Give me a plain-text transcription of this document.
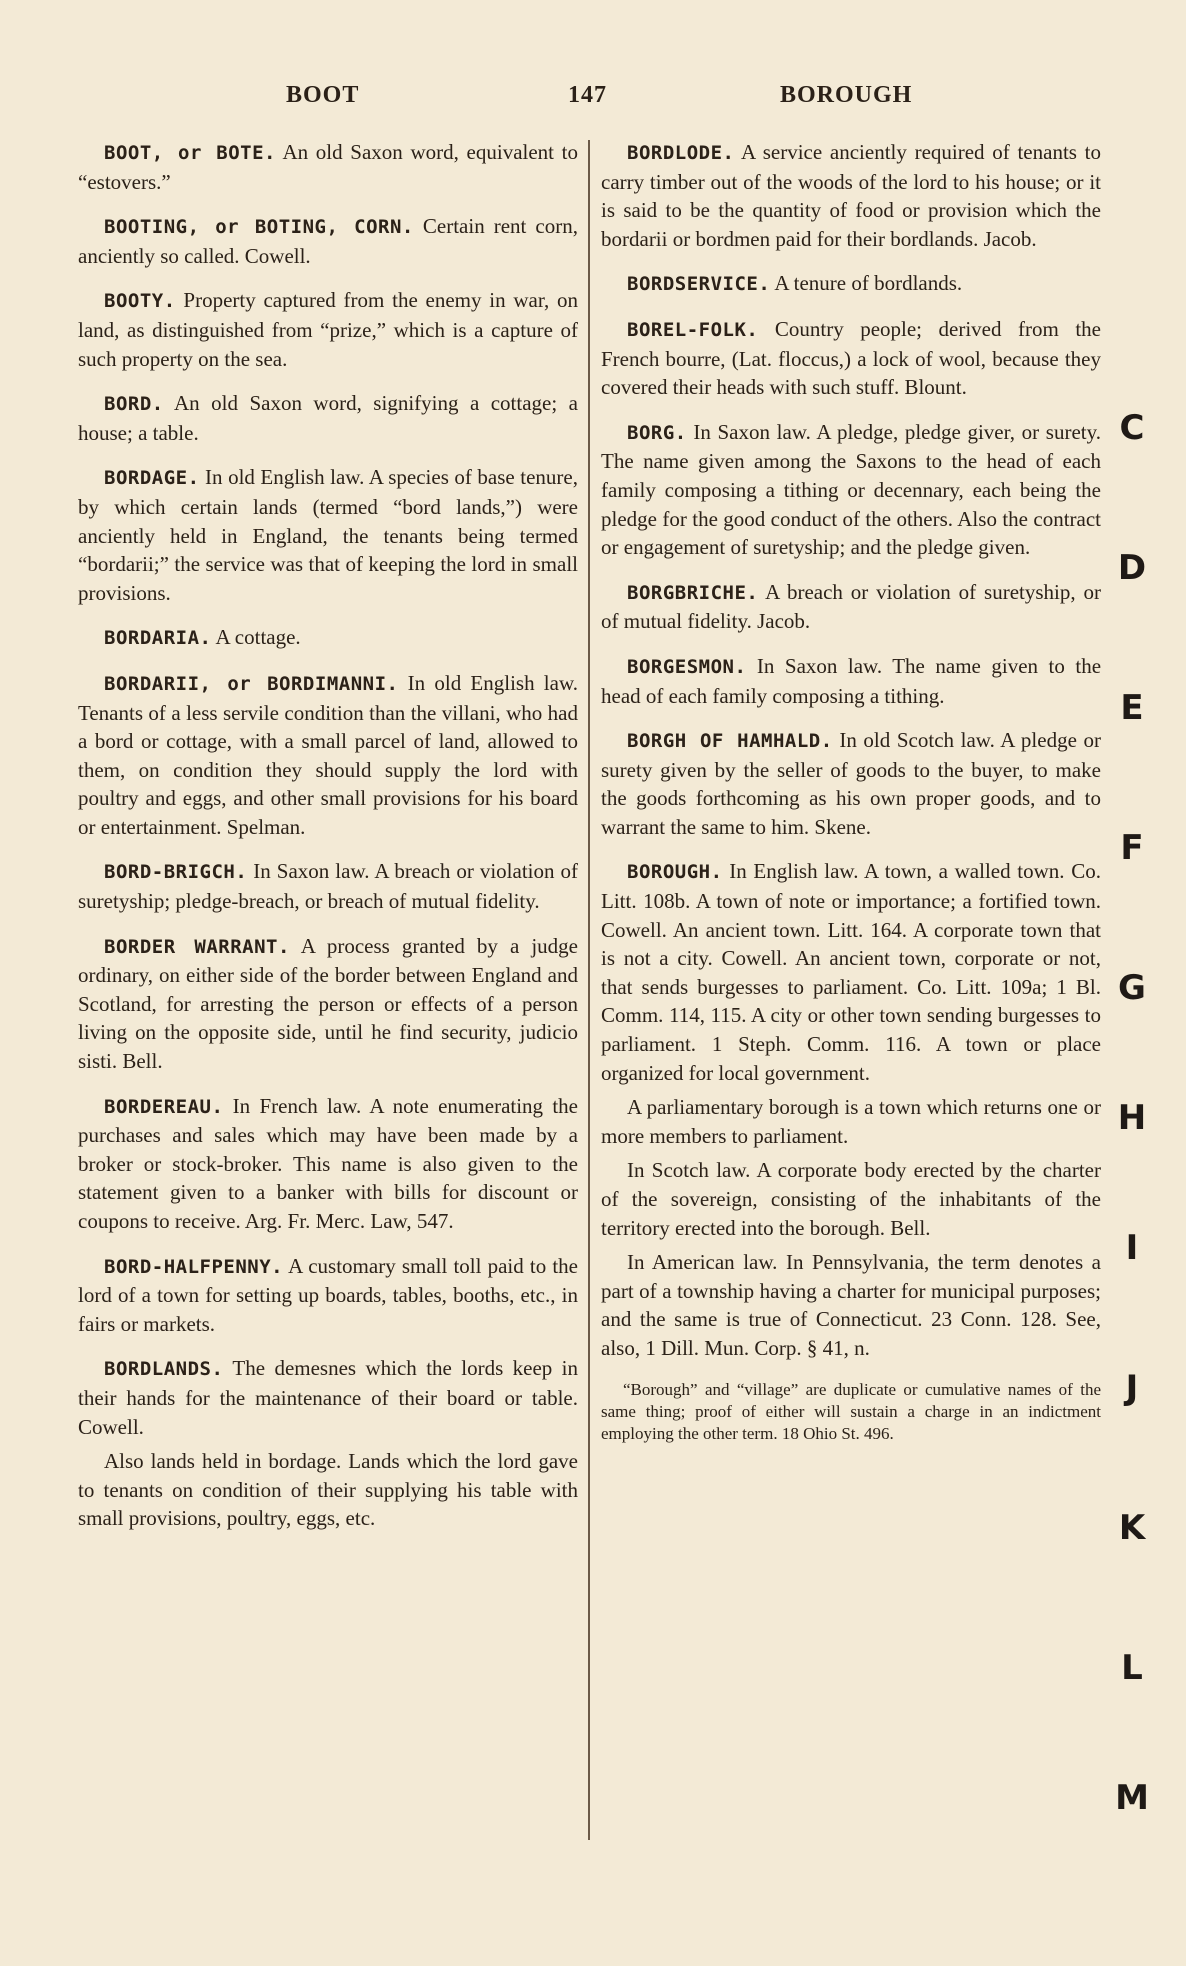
BOOT	147	BOROUGH

BOOT, or BOTE. An old Saxon word, equivalent to “estovers.”

BOOTING, or BOTING, CORN. Certain rent corn, anciently so called. Cowell.

BOOTY. Property captured from the enemy in war, on land, as distinguished from “prize,” which is a capture of such property on the sea.

BORD. An old Saxon word, signifying a cottage; a house; a table.

BORDAGE. In old English law. A species of base tenure, by which certain lands (termed “bord lands,”) were anciently held in England, the tenants being termed “bordarii;” the service was that of keeping the lord in small provisions.

BORDARIA. A cottage.

BORDARII, or BORDIMANNI. In old English law. Tenants of a less servile condition than the villani, who had a bord or cottage, with a small parcel of land, allowed to them, on condition they should supply the lord with poultry and eggs, and other small provisions for his board or entertainment. Spelman.

BORD-BRIGCH. In Saxon law. A breach or violation of suretyship; pledge-breach, or breach of mutual fidelity.

BORDER WARRANT. A process granted by a judge ordinary, on either side of the border between England and Scotland, for arresting the person or effects of a person living on the opposite side, until he find security, judicio sisti. Bell.

BORDEREAU. In French law. A note enumerating the purchases and sales which may have been made by a broker or stock-broker. This name is also given to the statement given to a banker with bills for discount or coupons to receive. Arg. Fr. Merc. Law, 547.

BORD-HALFPENNY. A customary small toll paid to the lord of a town for setting up boards, tables, booths, etc., in fairs or markets.

BORDLANDS. The demesnes which the lords keep in their hands for the maintenance of their board or table. Cowell.

Also lands held in bordage. Lands which the lord gave to tenants on condition of their supplying his table with small provisions, poultry, eggs, etc.

BORDLODE. A service anciently required of tenants to carry timber out of the woods of the lord to his house; or it is said to be the quantity of food or provision which the bordarii or bordmen paid for their bordlands. Jacob.

BORDSERVICE. A tenure of bordlands.

BOREL-FOLK. Country people; derived from the French bourre, (Lat. floccus,) a lock of wool, because they covered their heads with such stuff. Blount.

BORG. In Saxon law. A pledge, pledge giver, or surety. The name given among the Saxons to the head of each family composing a tithing or decennary, each being the pledge for the good conduct of the others. Also the contract or engagement of suretyship; and the pledge given.

BORGBRICHE. A breach or violation of suretyship, or of mutual fidelity. Jacob.

BORGESMON. In Saxon law. The name given to the head of each family composing a tithing.

BORGH OF HAMHALD. In old Scotch law. A pledge or surety given by the seller of goods to the buyer, to make the goods forthcoming as his own proper goods, and to warrant the same to him. Skene.

BOROUGH. In English law. A town, a walled town. Co. Litt. 108b. A town of note or importance; a fortified town. Cowell. An ancient town. Litt. 164. A corporate town that is not a city. Cowell. An ancient town, corporate or not, that sends burgesses to parliament. Co. Litt. 109a; 1 Bl. Comm. 114, 115. A city or other town sending burgesses to parliament. 1 Steph. Comm. 116. A town or place organized for local government.

A parliamentary borough is a town which returns one or more members to parliament.

In Scotch law. A corporate body erected by the charter of the sovereign, consisting of the inhabitants of the territory erected into the borough. Bell.

In American law. In Pennsylvania, the term denotes a part of a township having a charter for municipal purposes; and the same is true of Connecticut. 23 Conn. 128. See, also, 1 Dill. Mun. Corp. § 41, n.

“Borough” and “village” are duplicate or cumulative names of the same thing; proof of either will sustain a charge in an indictment employing the other term. 18 Ohio St. 496.

C
D
E
F
G
H
I
J
K
L
M
